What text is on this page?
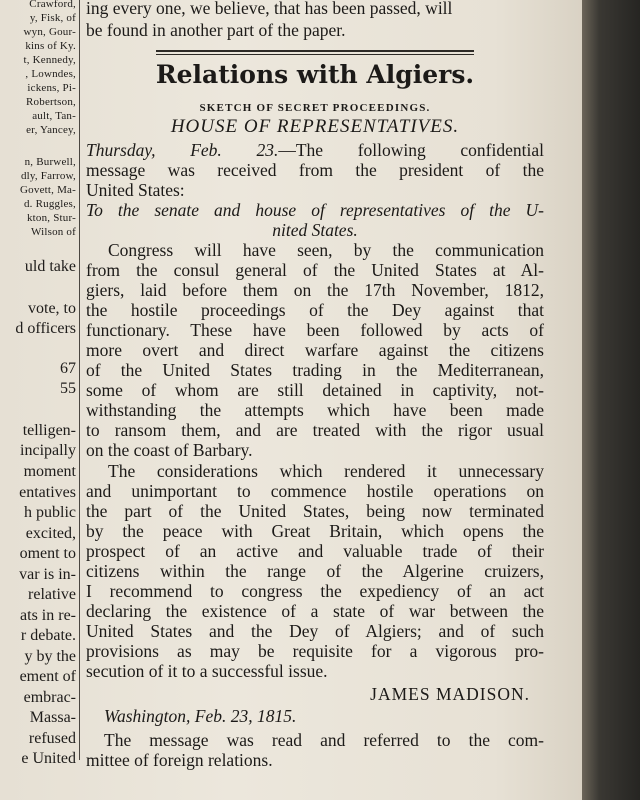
Crawford,
y, Fisk, of
wyn, Gour-
kins of Ky.
t, Kennedy,
, Lowndes,
ickens, Pi-
Robertson,
ault, Tan-
er, Yancey,
n, Burwell,
dly, Farrow,
Govett, Ma-
d. Ruggles,
kton, Stur-
Wilson of
uld take
vote, to
d officers
67
55
telligen-
incipally
moment
entatives
h public
excited,
oment to
var is in-
relative
ats in re-
r debate.
y by the
ement of
embrac-
Massa-
refused
e United
ing every one, we believe, that has been passed, will
be found in another part of the paper.
Relations with Algiers.
SKETCH OF SECRET PROCEEDINGS.
HOUSE OF REPRESENTATIVES.
Thursday, Feb. 23.—The following confidential
message was received from the president of the
United States:
To the senate and house of representatives of the U-
nited States.
Congress will have seen, by the communication
from the consul general of the United States at Al-
giers, laid before them on the 17th November, 1812,
the hostile proceedings of the Dey against that
functionary. These have been followed by acts of
more overt and direct warfare against the citizens
of the United States trading in the Mediterranean,
some of whom are still detained in captivity, not-
withstanding the attempts which have been made
to ransom them, and are treated with the rigor usual
on the coast of Barbary.
The considerations which rendered it unnecessary
and unimportant to commence hostile operations on
the part of the United States, being now terminated
by the peace with Great Britain, which opens the
prospect of an active and valuable trade of their
citizens within the range of the Algerine cruizers,
I recommend to congress the expediency of an act
declaring the existence of a state of war between the
United States and the Dey of Algiers; and of such
provisions as may be requisite for a vigorous pro-
secution of it to a successful issue.
JAMES MADISON.
Washington, Feb. 23, 1815.
The message was read and referred to the com-
mittee of foreign relations.
